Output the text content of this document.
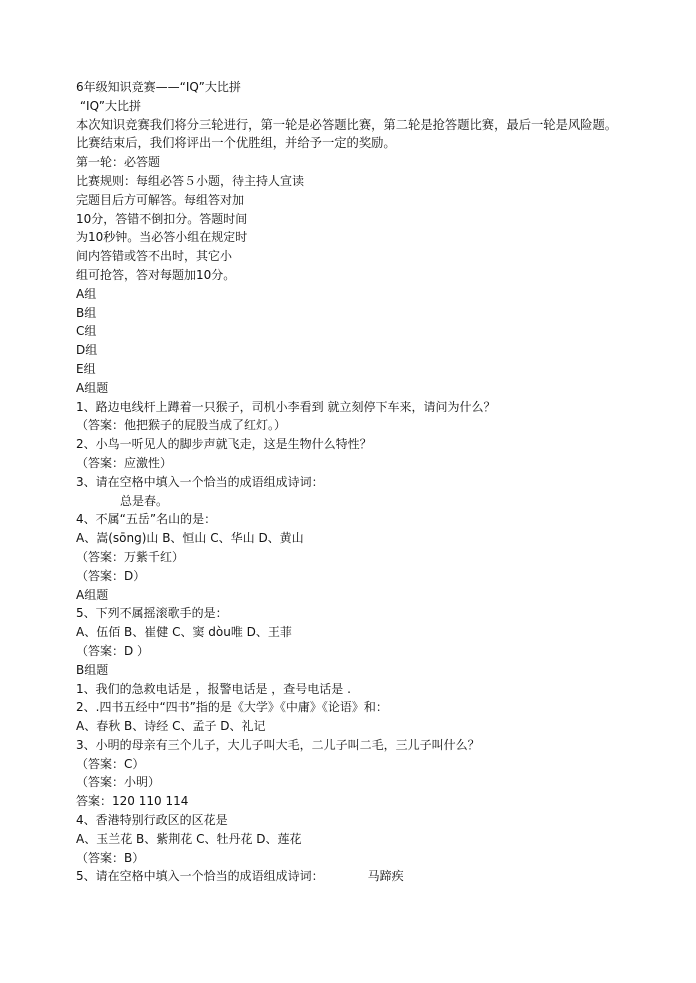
6年级知识竞赛——“IQ”大比拼
“IQ”大比拼
本次知识竞赛我们将分三轮进行，第一轮是必答题比赛，第二轮是抢答题比赛，最后一轮是风险题。
比赛结束后，我们将评出一个优胜组，并给予一定的奖励。
第一轮：必答题
比赛规则：每组必答５小题，待主持人宣读
完题目后方可解答。每组答对加
10分，答错不倒扣分。答题时间
为10秒钟。当必答小组在规定时
间内答错或答不出时，其它小
组可抢答，答对每题加10分。
A组
B组
C组
D组
E组
A组题
1、路边电线杆上蹲着一只猴子，司机小李看到 就立刻停下车来，请问为什么？
（答案：他把猴子的屁股当成了红灯。）
2、小鸟一听见人的脚步声就飞走，这是生物什么特性？
（答案：应激性）
3、请在空格中填入一个恰当的成语组成诗词：
总是春。
4、不属“五岳”名山的是：
A、嵩(sōng)山 B、恒山 C、华山 D、黄山
（答案：万紫千红）
（答案：D）
A组题
5、下列不属摇滚歌手的是：
A、伍佰 B、崔健 C、窦 dòu唯 D、王菲
（答案：D ）
B组题
1、我们的急救电话是 ，报警电话是 ，查号电话是 .
2、.四书五经中“四书”指的是《大学》《中庸》《论语》和：
A、春秋 B、诗经 C、孟子 D、礼记
3、小明的母亲有三个儿子，大儿子叫大毛，二儿子叫二毛，三儿子叫什么？
（答案：C）
（答案：小明）
答案：120 110 114
4、香港特别行政区的区花是
A、玉兰花 B、紫荆花 C、牡丹花 D、莲花
（答案：B）
5、请在空格中填入一个恰当的成语组成诗词：	马蹄疾
